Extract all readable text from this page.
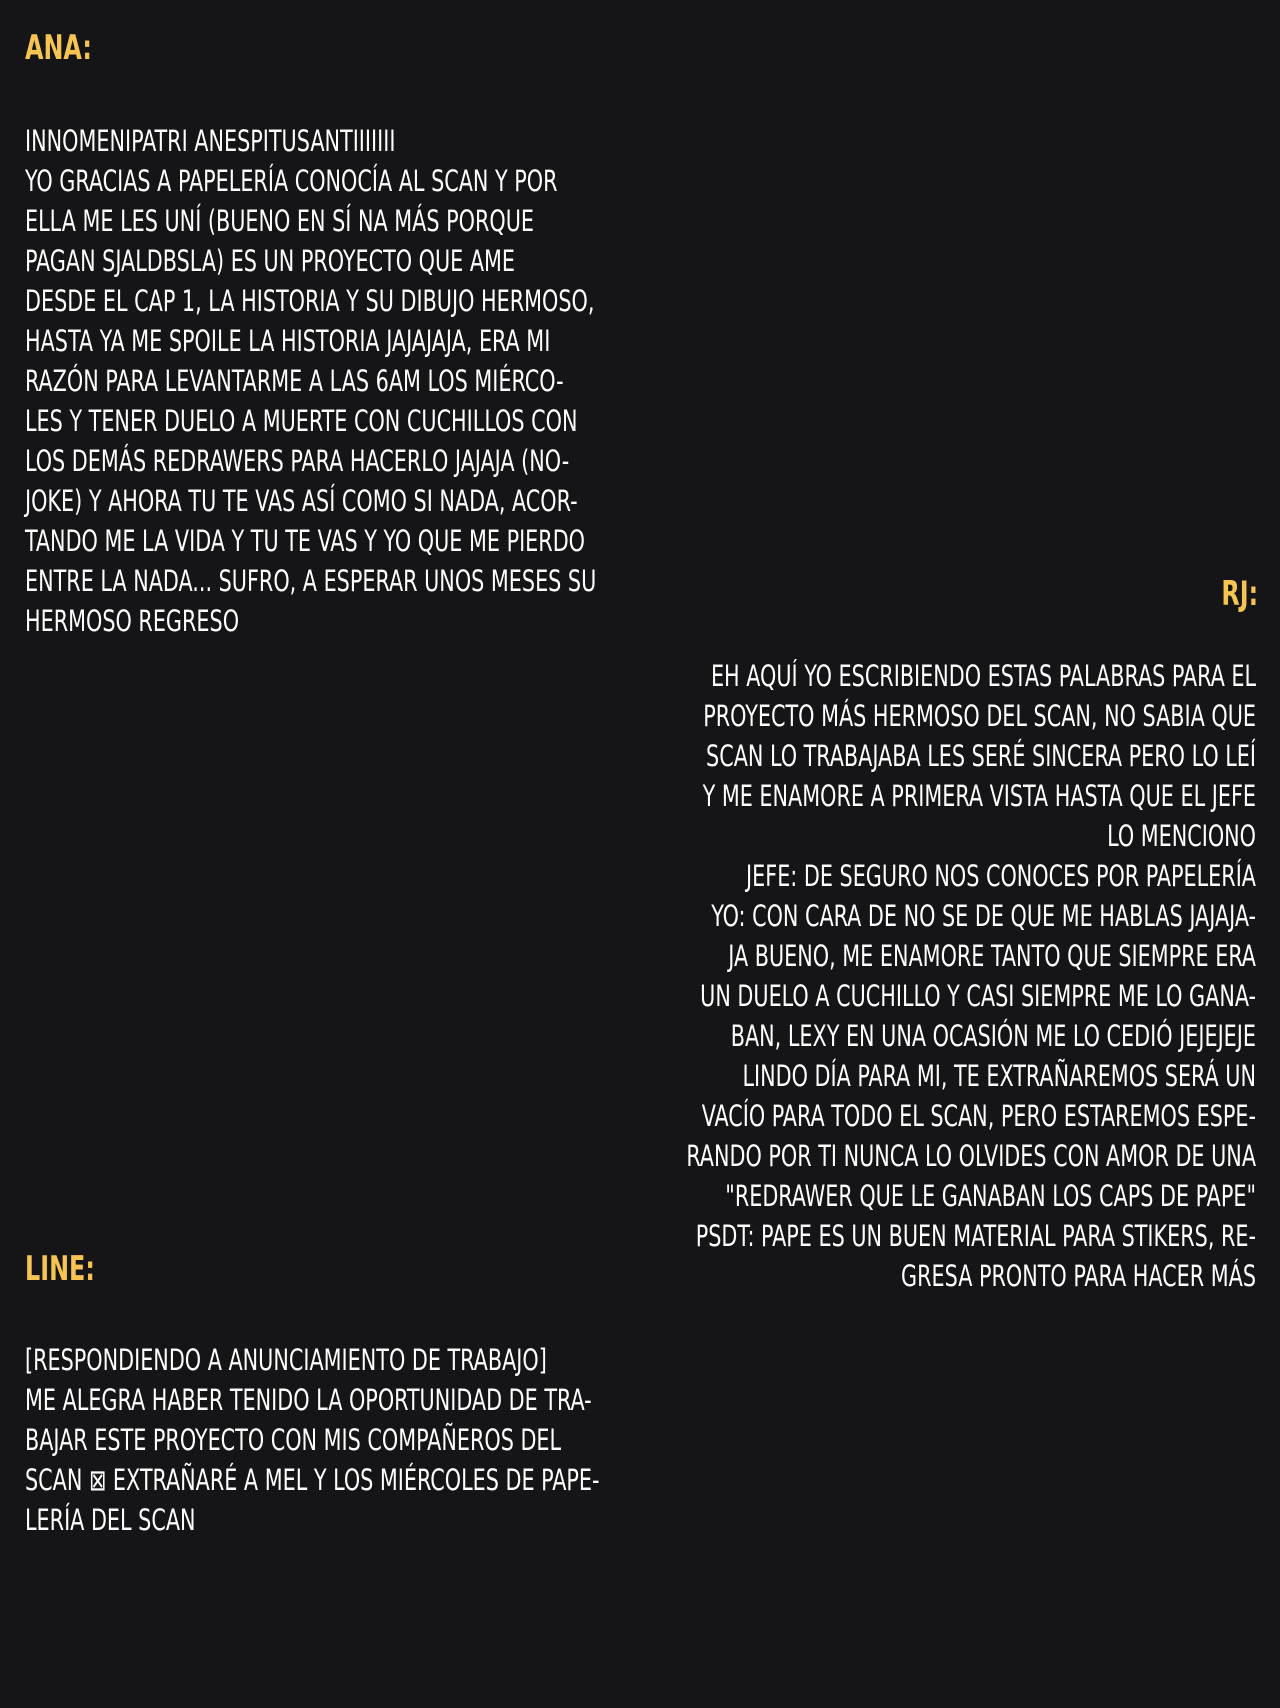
ANA:
INNOMENIPATRI ANESPITUSANTIIIIIII
YO GRACIAS A PAPELERÍA CONOCÍA AL SCAN Y POR
ELLA ME LES UNÍ (BUENO EN SÍ NA MÁS PORQUE
PAGAN SJALDBSLA) ES UN PROYECTO QUE AME
DESDE EL CAP 1, LA HISTORIA Y SU DIBUJO HERMOSO,
HASTA YA ME SPOILE LA HISTORIA JAJAJAJA, ERA MI
RAZÓN PARA LEVANTARME A LAS 6AM LOS MIÉRCO-
LES Y TENER DUELO A MUERTE CON CUCHILLOS CON
LOS DEMÁS REDRAWERS PARA HACERLO JAJAJA (NO-
JOKE) Y AHORA TU TE VAS ASÍ COMO SI NADA, ACOR-
TANDO ME LA VIDA Y TU TE VAS Y YO QUE ME PIERDO
ENTRE LA NADA... SUFRO, A ESPERAR UNOS MESES SU
HERMOSO REGRESO
RJ:
EH AQUÍ YO ESCRIBIENDO ESTAS PALABRAS PARA EL
PROYECTO MÁS HERMOSO DEL SCAN, NO SABIA QUE
SCAN LO TRABAJABA LES SERÉ SINCERA PERO LO LEÍ
Y ME ENAMORE A PRIMERA VISTA HASTA QUE EL JEFE
LO MENCIONO
JEFE: DE SEGURO NOS CONOCES POR PAPELERÍA
YO: CON CARA DE NO SE DE QUE ME HABLAS JAJAJA-
JA BUENO, ME ENAMORE TANTO QUE SIEMPRE ERA
UN DUELO A CUCHILLO Y CASI SIEMPRE ME LO GANA-
BAN, LEXY EN UNA OCASIÓN ME LO CEDIÓ JEJEJEJE
LINDO DÍA PARA MI, TE EXTRAÑAREMOS SERÁ UN
VACÍO PARA TODO EL SCAN, PERO ESTAREMOS ESPE-
RANDO POR TI NUNCA LO OLVIDES CON AMOR DE UNA
"REDRAWER QUE LE GANABAN LOS CAPS DE PAPE"
PSDT: PAPE ES UN BUEN MATERIAL PARA STIKERS, RE-
GRESA PRONTO PARA HACER MÁS
LINE:
[RESPONDIENDO A ANUNCIAMIENTO DE TRABAJO]
ME ALEGRA HABER TENIDO LA OPORTUNIDAD DE TRA-
BAJAR ESTE PROYECTO CON MIS COMPAÑEROS DEL
SCAN ⊠ EXTRAÑARÉ A MEL Y LOS MIÉRCOLES DE PAPE-
LERÍA DEL SCAN
